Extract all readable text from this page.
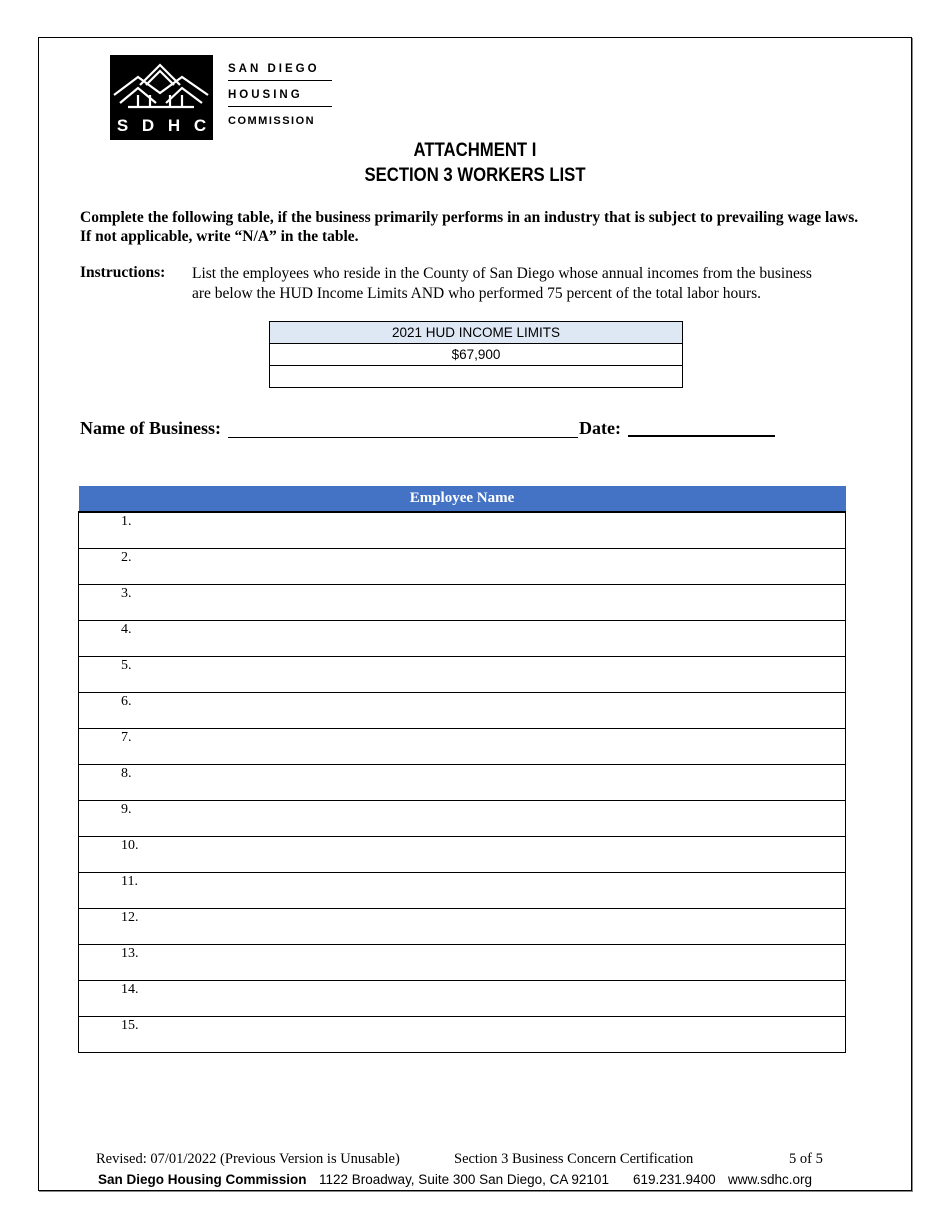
S D H C
SAN DIEGO
HOUSING
COMMISSION
ATTACHMENT I
SECTION 3 WORKERS LIST
Complete the following table, if the business primarily performs in an industry that is subject to prevailing wage laws. If not applicable, write “N/A” in the table.
Instructions: List the employees who reside in the County of San Diego whose annual incomes from the business are below the HUD Income Limits AND who performed 75 percent of the total labor hours.
2021 HUD INCOME LIMITS
$67,900
Name of Business:	Date:
Employee Name
1.
2.
3.
4.
5.
6.
7.
8.
9.
10.
11.
12.
13.
14.
15.
Revised: 07/01/2022 (Previous Version is Unusable)	Section 3 Business Concern Certification	5 of 5
San Diego Housing Commission 1122 Broadway, Suite 300 San Diego, CA 92101 619.231.9400 www.sdhc.org
